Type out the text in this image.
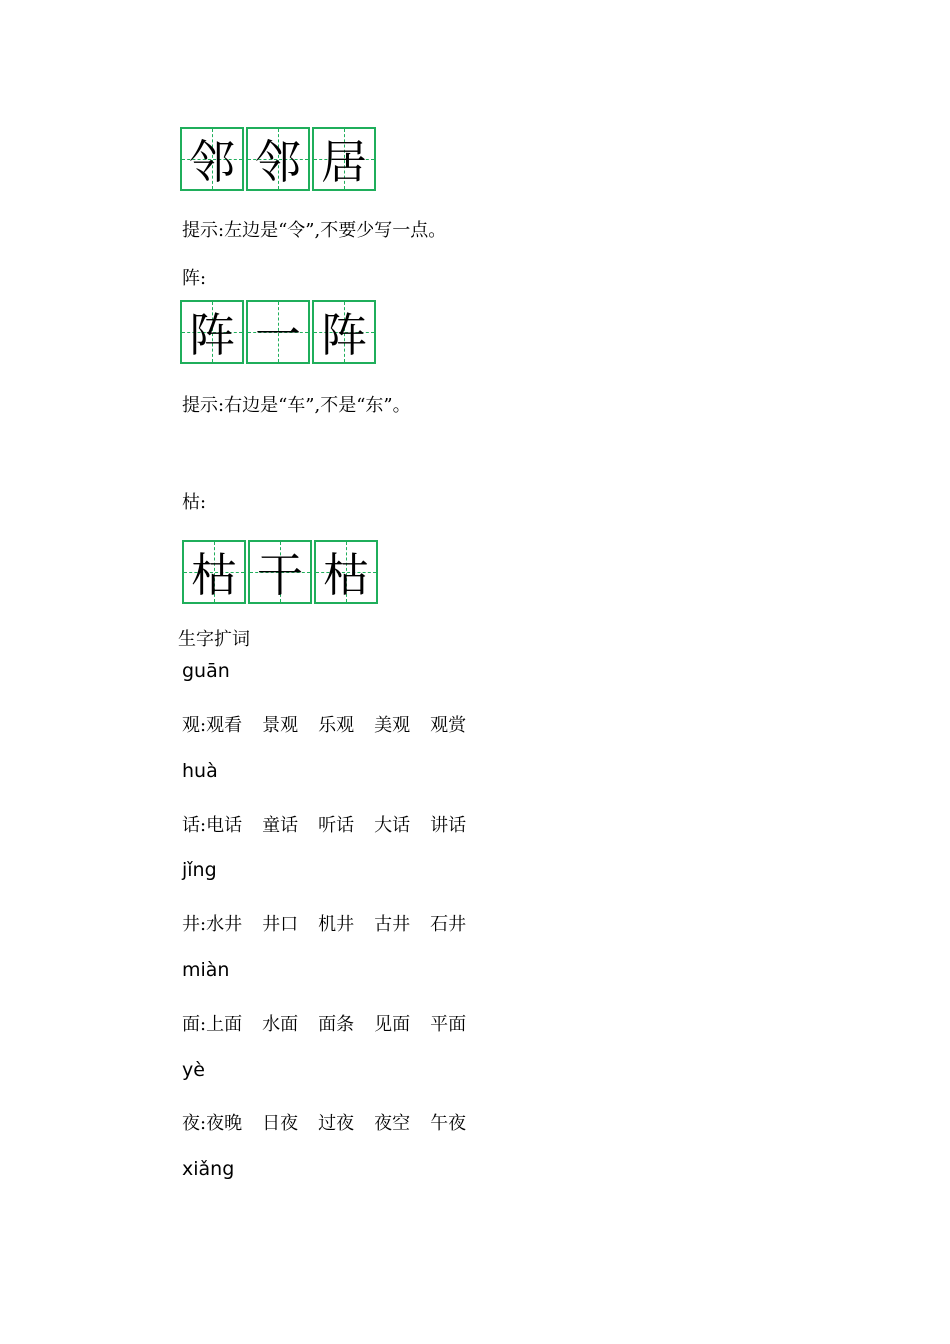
邻 邻 居
提示:左边是“令”,不要少写一点。
阵:
阵 一 阵
提示:右边是“车”,不是“东”。
枯:
枯 干 枯
生字扩词
guān
观: 观看 景观 乐观 美观 观赏
huà
话: 电话 童话 听话 大话 讲话
jǐng
井: 水井 井口 机井 古井 石井
miàn
面: 上面 水面 面条 见面 平面
yè
夜: 夜晚 日夜 过夜 夜空 午夜
xiǎng
